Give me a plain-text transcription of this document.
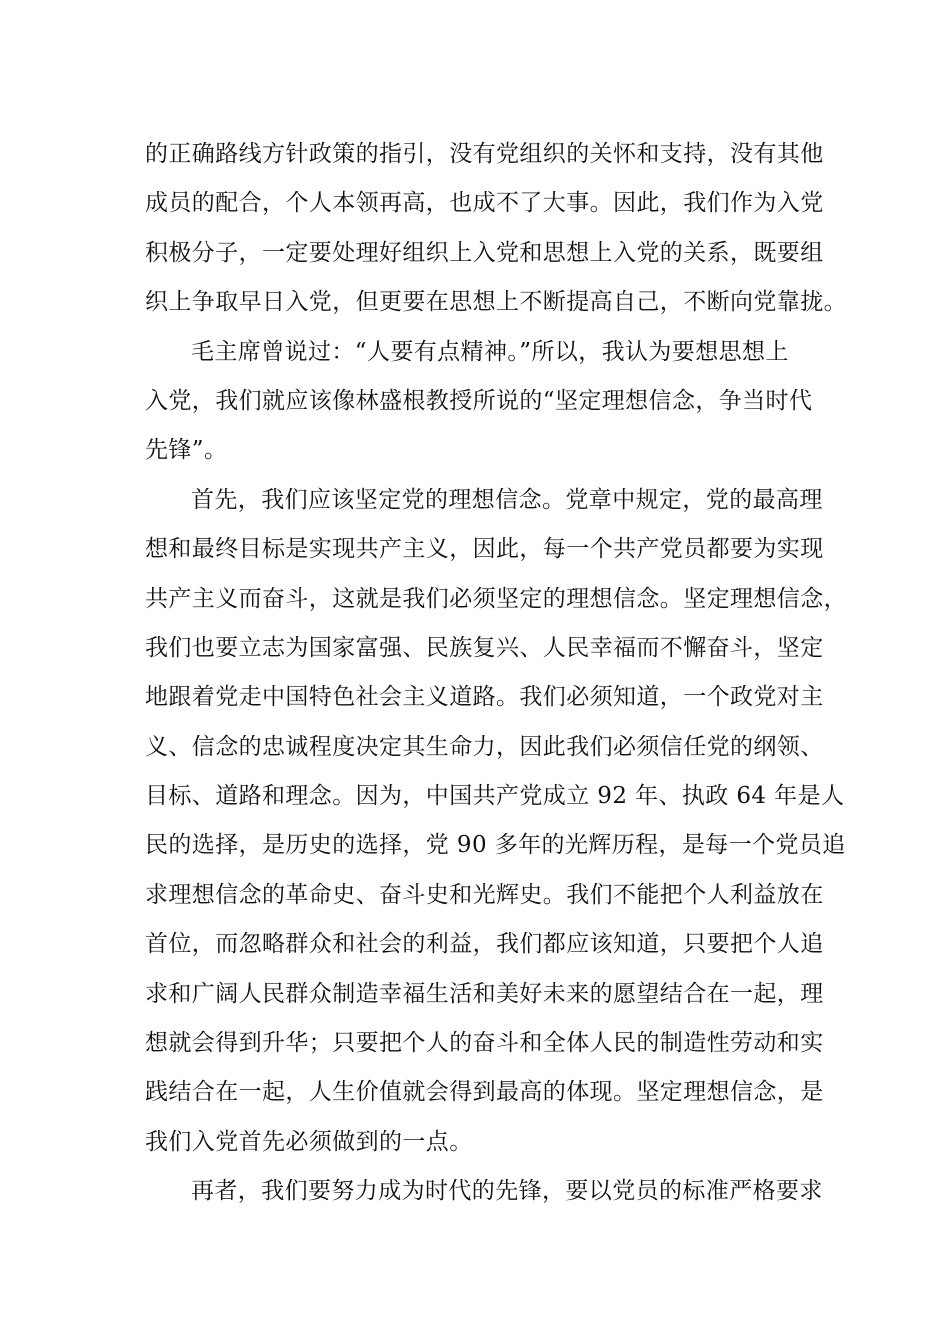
的正确路线方针政策的指引，没有党组织的关怀和支持，没有其他
成员的配合，个人本领再高，也成不了大事。因此，我们作为入党
积极分子，一定要处理好组织上入党和思想上入党的关系，既要组
织上争取早日入党，但更要在思想上不断提高自己，不断向党靠拢。
毛主席曾说过：“人要有点精神。”所以，我认为要想思想上
入党，我们就应该像林盛根教授所说的“坚定理想信念，争当时代
先锋”。
首先，我们应该坚定党的理想信念。党章中规定，党的最高理
想和最终目标是实现共产主义，因此，每一个共产党员都要为实现
共产主义而奋斗，这就是我们必须坚定的理想信念。坚定理想信念，
我们也要立志为国家富强、民族复兴、人民幸福而不懈奋斗，坚定
地跟着党走中国特色社会主义道路。我们必须知道，一个政党对主
义、信念的忠诚程度决定其生命力，因此我们必须信任党的纲领、
目标、道路和理念。因为，中国共产党成立 92 年、执政 64 年是人
民的选择，是历史的选择，党 90 多年的光辉历程，是每一个党员追
求理想信念的革命史、奋斗史和光辉史。我们不能把个人利益放在
首位，而忽略群众和社会的利益，我们都应该知道，只要把个人追
求和广阔人民群众制造幸福生活和美好未来的愿望结合在一起，理
想就会得到升华；只要把个人的奋斗和全体人民的制造性劳动和实
践结合在一起，人生价值就会得到最高的体现。坚定理想信念，是
我们入党首先必须做到的一点。
再者，我们要努力成为时代的先锋，要以党员的标准严格要求
